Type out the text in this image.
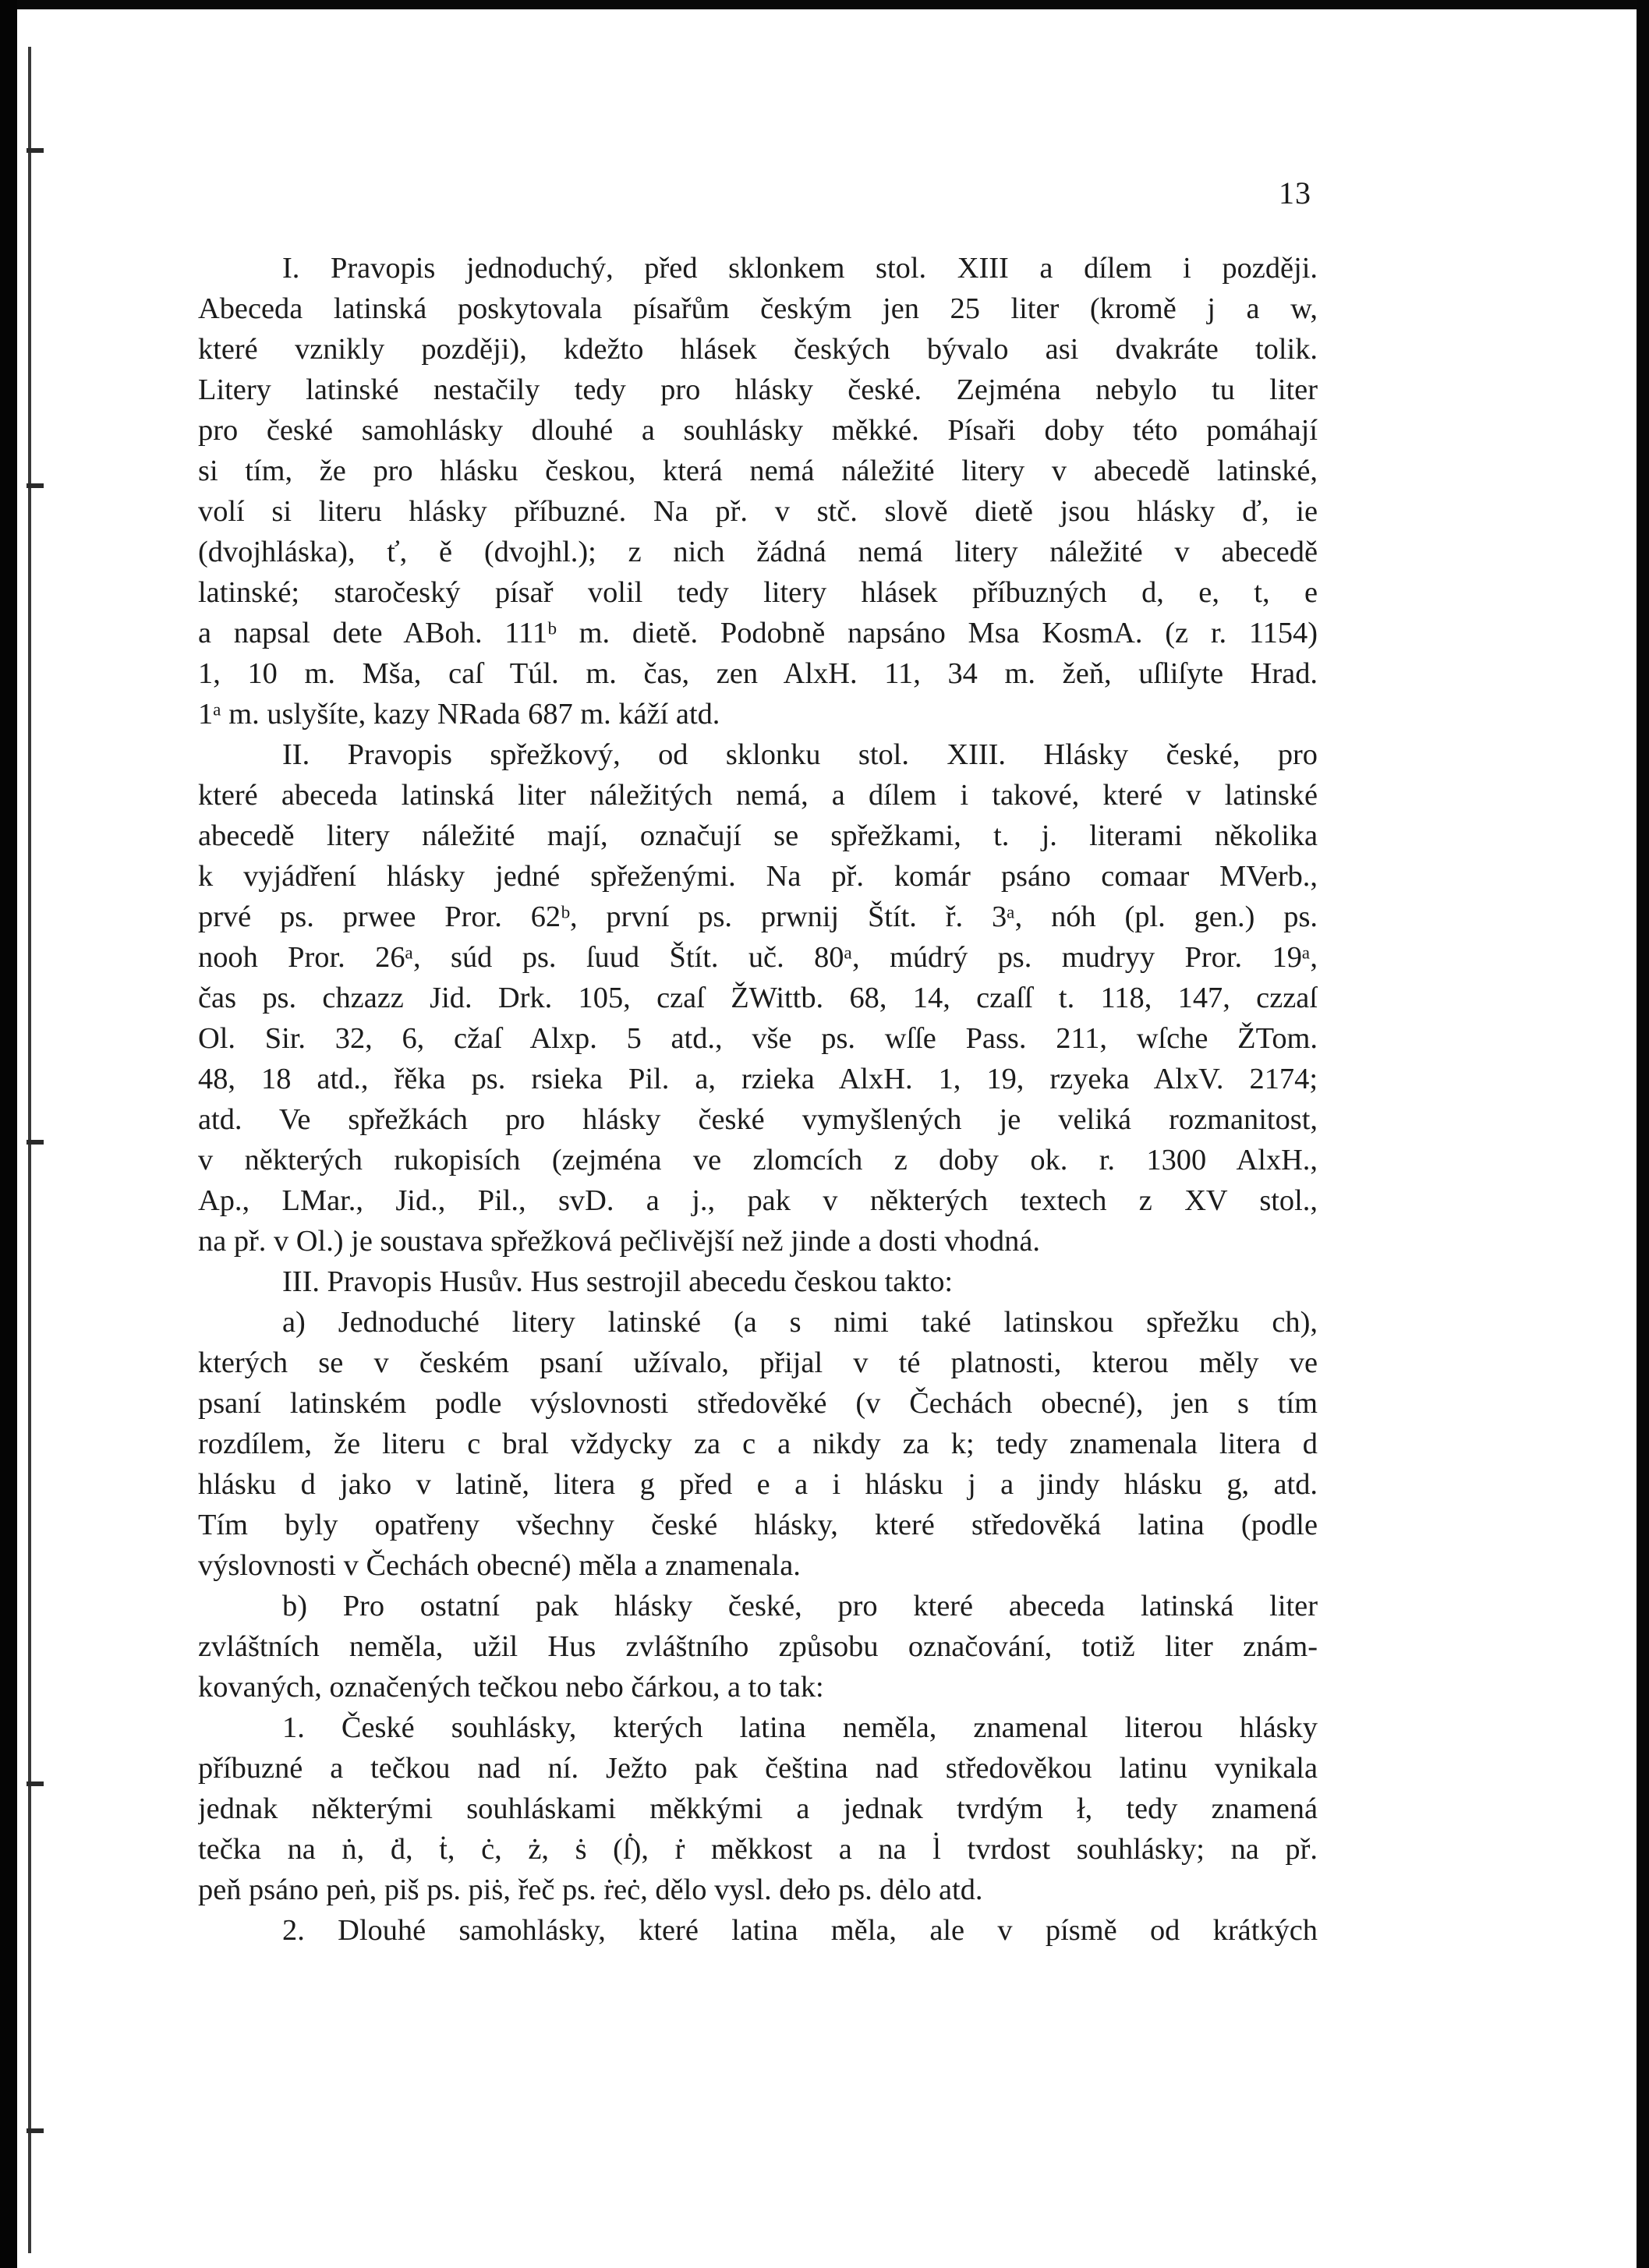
13
I. Pravopis jednoduchý, před sklonkem stol. XIII a dílem i později.
Abeceda latinská poskytovala písařům českým jen 25 liter (kromě j a w,
které vznikly později), kdežto hlásek českých bývalo asi dvakráte tolik.
Litery latinské nestačily tedy pro hlásky české. Zejména nebylo tu liter
pro české samohlásky dlouhé a souhlásky měkké. Písaři doby této pomáhají
si tím, že pro hlásku českou, která nemá náležité litery v abecedě latinské,
volí si literu hlásky příbuzné. Na př. v stč. slově dietě jsou hlásky ď, ie
(dvojhláska), ť, ě (dvojhl.); z nich žádná nemá litery náležité v abecedě
latinské; staročeský písař volil tedy litery hlásek příbuzných d, e, t, e
a napsal dete ABoh. 111ᵇ m. dietě. Podobně napsáno Msa KosmA. (z r. 1154)
1, 10 m. Mša, caſ Túl. m. čas, zen AlxH. 11, 34 m. žeň, uſliſyte Hrad.
1ᵃ m. uslyšíte, kazy NRada 687 m. káží atd.
II. Pravopis spřežkový, od sklonku stol. XIII. Hlásky české, pro
které abeceda latinská liter náležitých nemá, a dílem i takové, které v latinské
abecedě litery náležité mají, označují se spřežkami, t. j. literami několika
k vyjádření hlásky jedné spřeženými. Na př. komár psáno comaar MVerb.,
prvé ps. prwee Pror. 62ᵇ, první ps. prwnij Štít. ř. 3ᵃ, nóh (pl. gen.) ps.
nooh Pror. 26ᵃ, súd ps. ſuud Štít. uč. 80ᵃ, múdrý ps. mudryy Pror. 19ᵃ,
čas ps. chzazz Jid. Drk. 105, czaſ ŽWittb. 68, 14, czaſſ t. 118, 147, czzaſ
Ol. Sir. 32, 6, cžaſ Alxp. 5 atd., vše ps. wſſe Pass. 211, wſche ŽTom.
48, 18 atd., řěka ps. rsieka Pil. a, rzieka AlxH. 1, 19, rzyeka AlxV. 2174;
atd. Ve spřežkách pro hlásky české vymyšlených je veliká rozmanitost,
v některých rukopisích (zejména ve zlomcích z doby ok. r. 1300 AlxH.,
Ap., LMar., Jid., Pil., svD. a j., pak v některých textech z XV stol.,
na př. v Ol.) je soustava spřežková pečlivější než jinde a dosti vhodná.
III. Pravopis Husův. Hus sestrojil abecedu českou takto:
a) Jednoduché litery latinské (a s nimi také latinskou spřežku ch),
kterých se v českém psaní užívalo, přijal v té platnosti, kterou měly ve
psaní latinském podle výslovnosti středověké (v Čechách obecné), jen s tím
rozdílem, že literu c bral vždycky za c a nikdy za k; tedy znamenala litera d
hlásku d jako v latině, litera g před e a i hlásku j a jindy hlásku g, atd.
Tím byly opatřeny všechny české hlásky, které středověká latina (podle
výslovnosti v Čechách obecné) měla a znamenala.
b) Pro ostatní pak hlásky české, pro které abeceda latinská liter
zvláštních neměla, užil Hus zvláštního způsobu označování, totiž liter znám-
kovaných, označených tečkou nebo čárkou, a to tak:
1. České souhlásky, kterých latina neměla, znamenal literou hlásky
příbuzné a tečkou nad ní. Ježto pak čeština nad středověkou latinu vynikala
jednak některými souhláskami měkkými a jednak tvrdým ł, tedy znamená
tečka na ṅ, ḋ, ṫ, ċ, ż, ṡ (ẛ), ṙ měkkost a na l̇ tvrdost souhlásky; na př.
peň psáno peṅ, piš ps. piṡ, řeč ps. ṙeċ, dělo vysl. dełо ps. dėlo atd.
2. Dlouhé samohlásky, které latina měla, ale v písmě od krátkých
